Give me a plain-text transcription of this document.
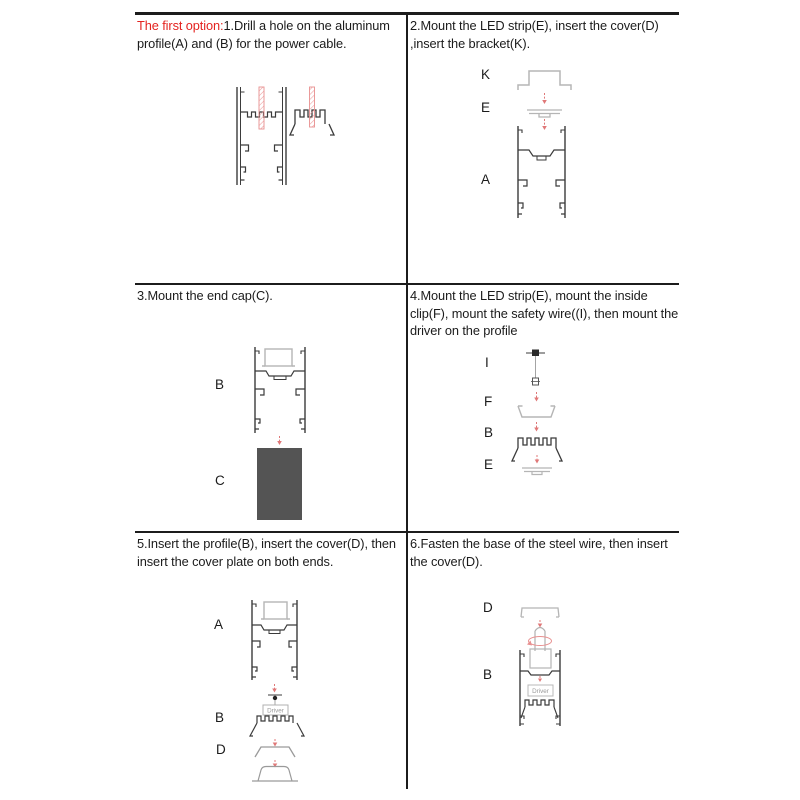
The first option:1.Drill a hole on the aluminum
profile(A) and (B) for the power cable.
2.Mount the LED strip(E), insert the cover(D)
,insert the bracket(K).
K
E
A
3.Mount the end cap(C).
B
C
4.Mount the LED strip(E), mount the inside
clip(F), mount the safety wire((I), then mount the
driver on the profile
I
F
B
E
5.Insert the profile(B), insert the cover(D), then
insert the cover plate on both ends.
A
B
D
Driver
6.Fasten the base of the steel wire, then insert
the cover(D).
D
B
Driver
